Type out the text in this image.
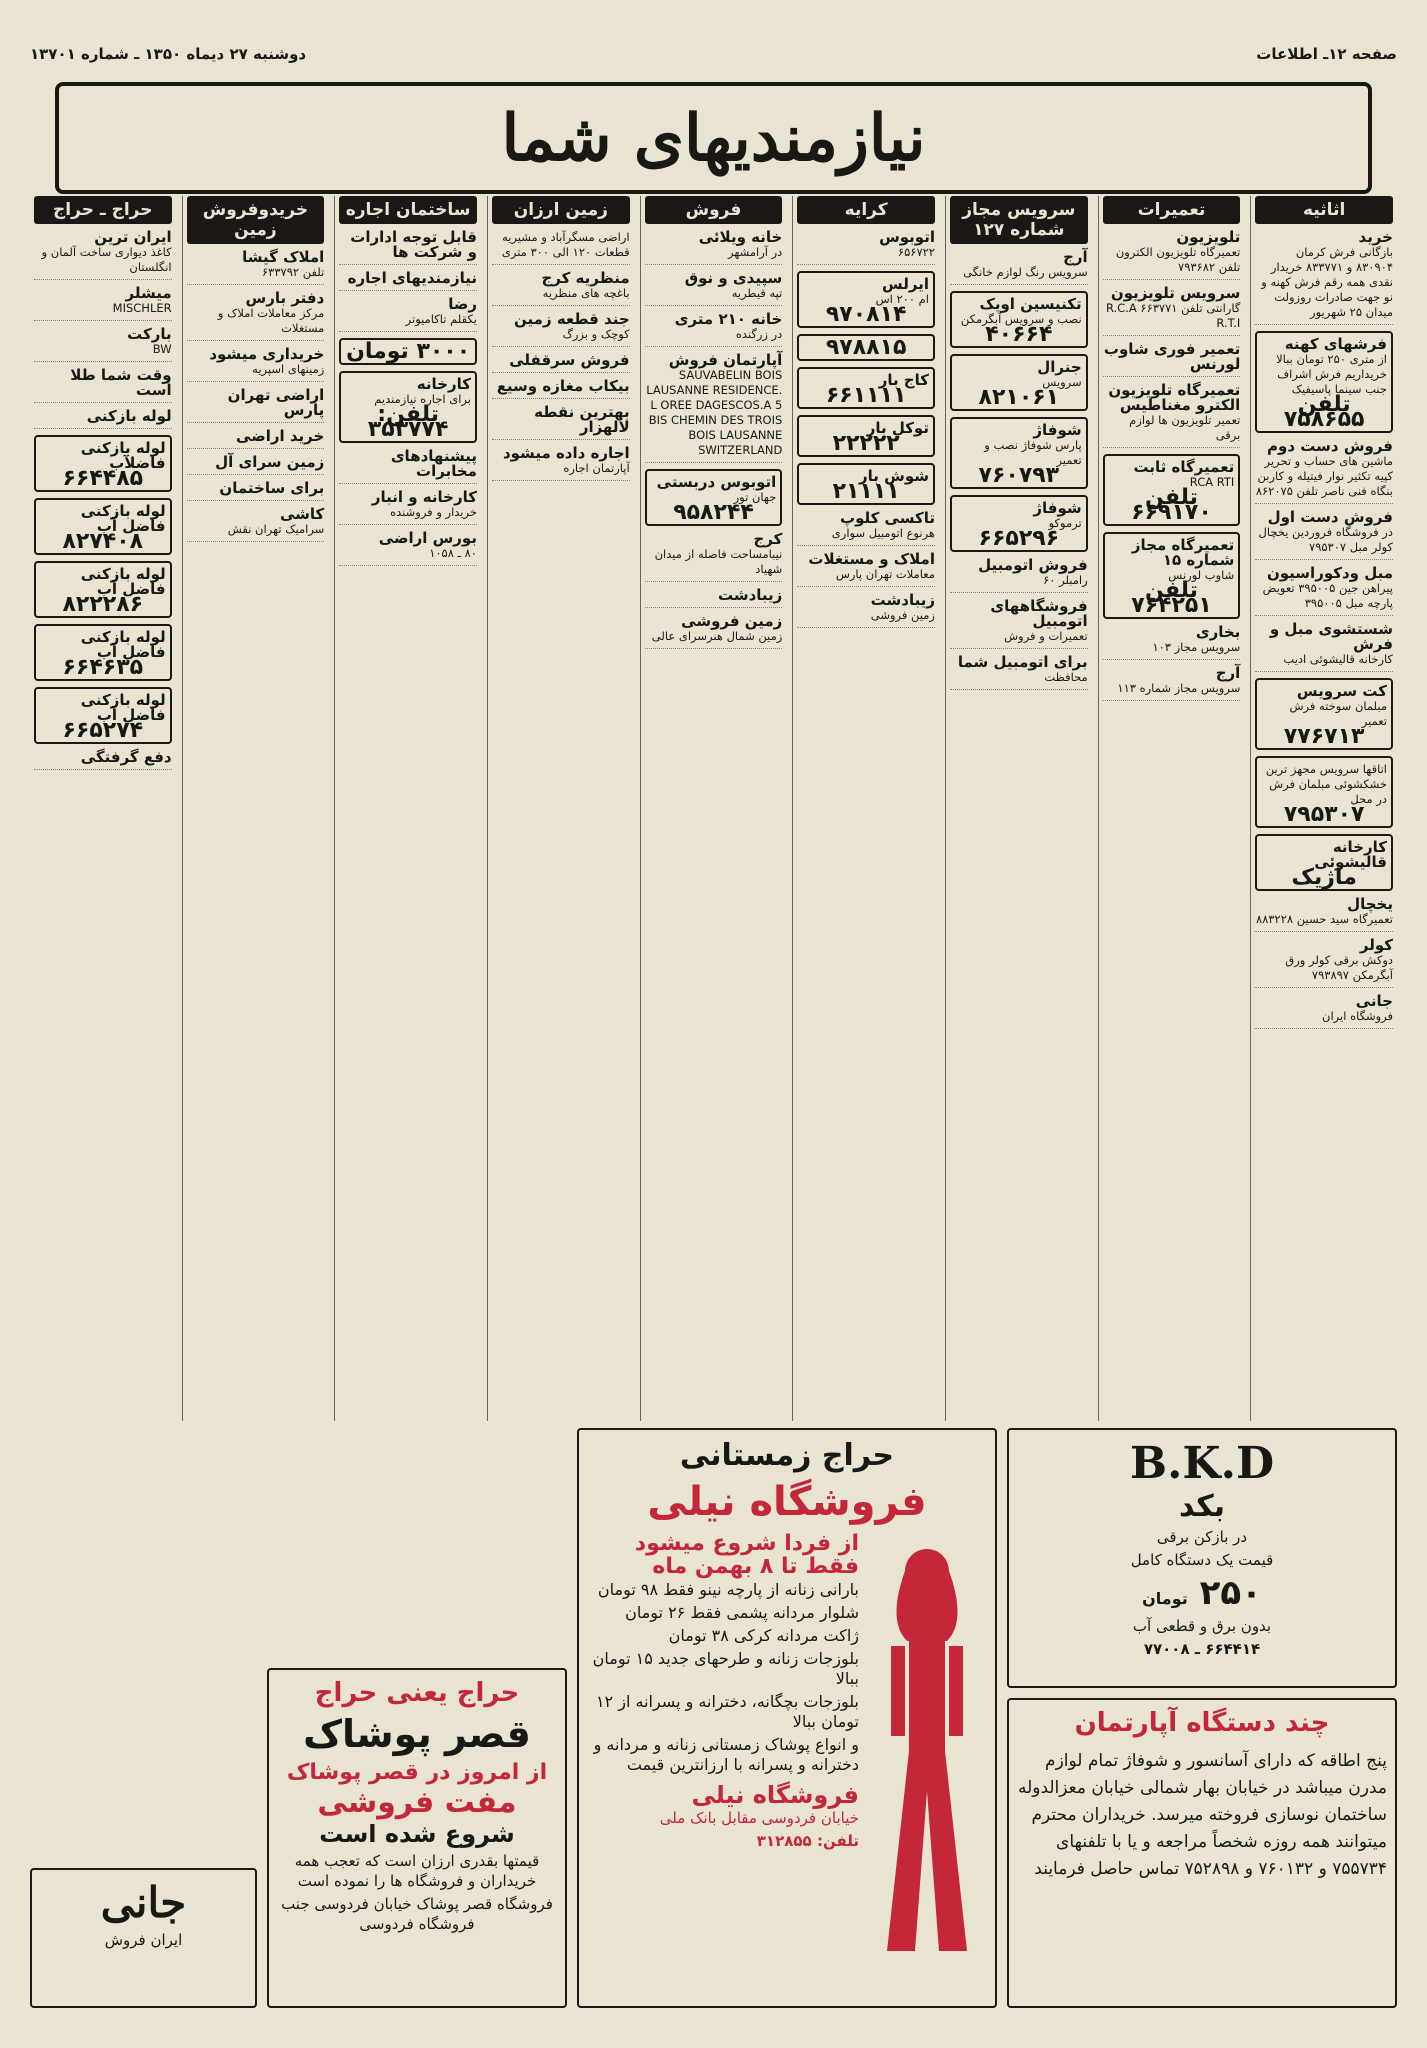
صفحه ۱۲ـ اطلاعات
دوشنبه ۲۷ دیماه ۱۳۵۰ ـ شماره ۱۳۷۰۱
نیازمندیهای شما
اثاثیه
خرید
بازگانی فرش کرمان ۸۳۰۹۰۴ و ۸۳۳۷۷۱ خریدار نقدی همه رقم فرش کهنه و نو جهت صادرات روزولت میدان ۲۵ شهریور
فرشهای کهنه
از متری ۲۵۰ تومان ببالا خریداریم فرش اشراف جنب سینما پاسیفیک
تلفن ۷۵۸۶۵۵
فروش دست دوم
ماشین های حساب و تحریر کپیه تکثیر نوار فیتیله و کاربن بنگاه فنی ناصر تلفن ۸۶۲۰۷۵
فروش دست اول
در فروشگاه فروردین یخچال کولر مبل ۷۹۵۳۰۷
مبل ودکوراسیون
پیراهن جین ۳۹۵۰۰۵ تعویض پارچه مبل ۳۹۵۰۰۵
شستشوی مبل و فرش
کارخانه قالیشوئی ادیب
کت سرویس
مبلمان سوخته فرش تعمیر
۷۷۶۷۱۳
اتاقها سرویس مجهز ترین خشکشوئی مبلمان فرش در محل
۷۹۵۳۰۷
کارخانه قالیشوئی
ماژیک
یخچال
تعمیرگاه سید حسین ۸۸۳۲۲۸
کولر
دوکش برقی کولر ورق آبگرمکن ۷۹۳۸۹۷
جانی
فروشگاه ایران
تعمیرات
تلویزیون
تعمیرگاه تلویزیون الکترون تلفن ۷۹۳۶۸۲
سرویس تلویزیون
گارانتی تلفن ۶۶۳۷۷۱ R.C.A R.T.I
تعمیر فوری شاوب لورنس
تعمیرگاه تلویزیون الکترو مغناطیس
تعمیر تلویزیون ها لوازم برقی
تعمیرگاه ثابت
RCA RTI
تلفن ۶۶۹۱۷۰
تعمیرگاه مجاز شماره ۱۵
شاوب لورنس
تلفن ۷۶۴۲۵۱
بخاری
سرویس مجاز ۱۰۳
آرج
سرویس مجاز شماره ۱۱۳
سرویس مجاز شماره ۱۲۷
آرج
سرویس رنگ لوازم خانگی
تکنیسین اویک
نصب و سرویس آبگرمکن
۴۰۶۶۴
جنرال
سرویس
۸۲۱۰۶۱
شوفاژ
پارس شوفاژ نصب و تعمیر
۷۶۰۷۹۳
شوفاژ
ترموکو
۶۶۵۲۹۶
فروش اتومبیل
رامبلر ۶۰
فروشگاههای اتومبیل
تعمیرات و فروش
برای اتومبیل شما
محافظت
کرایه
اتوبوس
۶۵۶۷۲۲
ایرلس
ام ۲۰۰ اس
۹۷۰۸۱۴
۹۷۸۸۱۵
کاج بار
۶۶۱۱۱۱
توکل بار
۲۲۲۲۲
شوش بار
۲۱۱۱۱
تاکسی کلوپ
هرنوع اتومبیل سواری
املاک و مستغلات
معاملات تهران پارس
زیبادشت
زمین فروشی
فروش
خانه ویلائی
در آرامشهر
سپیدی و نوق
تپه قیطریه
خانه ۲۱۰ متری
در زرگنده
آپارتمان فروش
SAUVABELIN BOIS LAUSANNE RESIDENCE. L OREE DAGESCOS.A 5 BIS CHEMIN DES TROIS BOIS LAUSANNE SWITZERLAND
اتوبوس دربستی
جهان تور
۹۵۸۲۴۴
کرج
نیبامساحت فاصله از میدان شهیاد
زیبادشت
زمین فروشی
زمین شمال هنرسرای عالی
زمین ارزان
اراضی مسگرآباد و مشیریه قطعات ۱۲۰ الی ۳۰۰ متری
منظریه کرج
باغچه های منظریه
جند قطعه زمین
کوچک و بزرگ
فروش سرقفلی
بیکاب مغازه وسیع
بهترین نقطه لالهزار
اجاره داده میشود
آپارتمان اجاره
ساختمان اجاره
قابل توجه ادارات و شرکت ها
نیازمندیهای اجاره
رضا
یکقلم تاکامیوتر
۳۰۰۰ تومان
کارخانه
برای اجاره نیازمندیم
تلفن: ۳۵۳۷۷۴
پیشنهادهای مخابرات
کارخانه و انبار
خریدار و فروشنده
بورس اراضی
۸۰ ـ ۱۰۵۸
خریدوفروش زمین
املاک گیشا
تلفن ۶۳۳۷۹۲
دفتر بارس
مرکز معاملات املاک و مستغلات
خریداری میشود
زمینهای اسپریه
اراضی تهران پارس
خرید اراضی
زمین سرای آل
برای ساختمان
کاشی
سرامیک تهران نقش
حراج ـ حراج
ایران ترین
کاغذ دیواری ساخت آلمان و انگلستان
میشلر
MISCHLER
بارکت
BW
وقت شما طلا است
لوله بازکنی
لوله بازکنی فاضلآب
۶۶۴۴۸۵
لوله بازکنی فاضل آب
۸۲۷۴۰۸
لوله بازکنی فاضل آب
۸۲۲۲۸۶
لوله بازکنی فاضل آب
۶۶۴۶۳۵
لوله بازکنی فاضل آب
۶۶۵۲۷۴
دفع گرفتگی
B.K.D
بکد

در بازکن برقی

قیمت یک دستگاه کامل

۲۵۰ تومان

بدون برق و قطعی آب

۶۶۴۴۱۴ ـ ۷۷۰۰۸

چند دستگاه آپارتمان

پنج اطاقه که دارای آسانسور و شوفاژ تمام لوازم مدرن میباشد در خیابان بهار شمالی خیابان معزالدوله ساختمان نوسازی فروخته میرسد. خریداران محترم میتوانند همه روزه شخصاً مراجعه و یا با تلفنهای ۷۵۵۷۳۴ و ۷۶۰۱۳۲ و ۷۵۲۸۹۸ تماس حاصل فرمایند

حراج زمستانی
فروشگاه نیلی

از فردا شروع میشود

فقط تا ۸ بهمن ماه

بارانی زنانه از پارچه نینو فقط ۹۸ تومان

شلوار مردانه پشمی فقط ۲۶ تومان

ژاکت مردانه کرکی ۳۸ تومان

بلوزجات زنانه و طرحهای جدید ۱۵ تومان ببالا

بلوزجات بچگانه، دخترانه و پسرانه از ۱۲ تومان ببالا

و انواع پوشاک زمستانی زنانه و مردانه و دخترانه و پسرانه با ارزانترین قیمت

فروشگاه نیلی

خیابان فردوسی مقابل بانک ملی

تلفن: ۳۱۲۸۵۵

حراج یعنی حراج
قصر پوشاک
از امروز در قصر پوشاک
مفت فروشی
شروع شده است

قیمتها بقدری ارزان است که تعجب همه خریداران و فروشگاه ها را نموده است

فروشگاه قصر پوشاک خیابان فردوسی جنب فروشگاه فردوسی

جانی

ایران فروش
